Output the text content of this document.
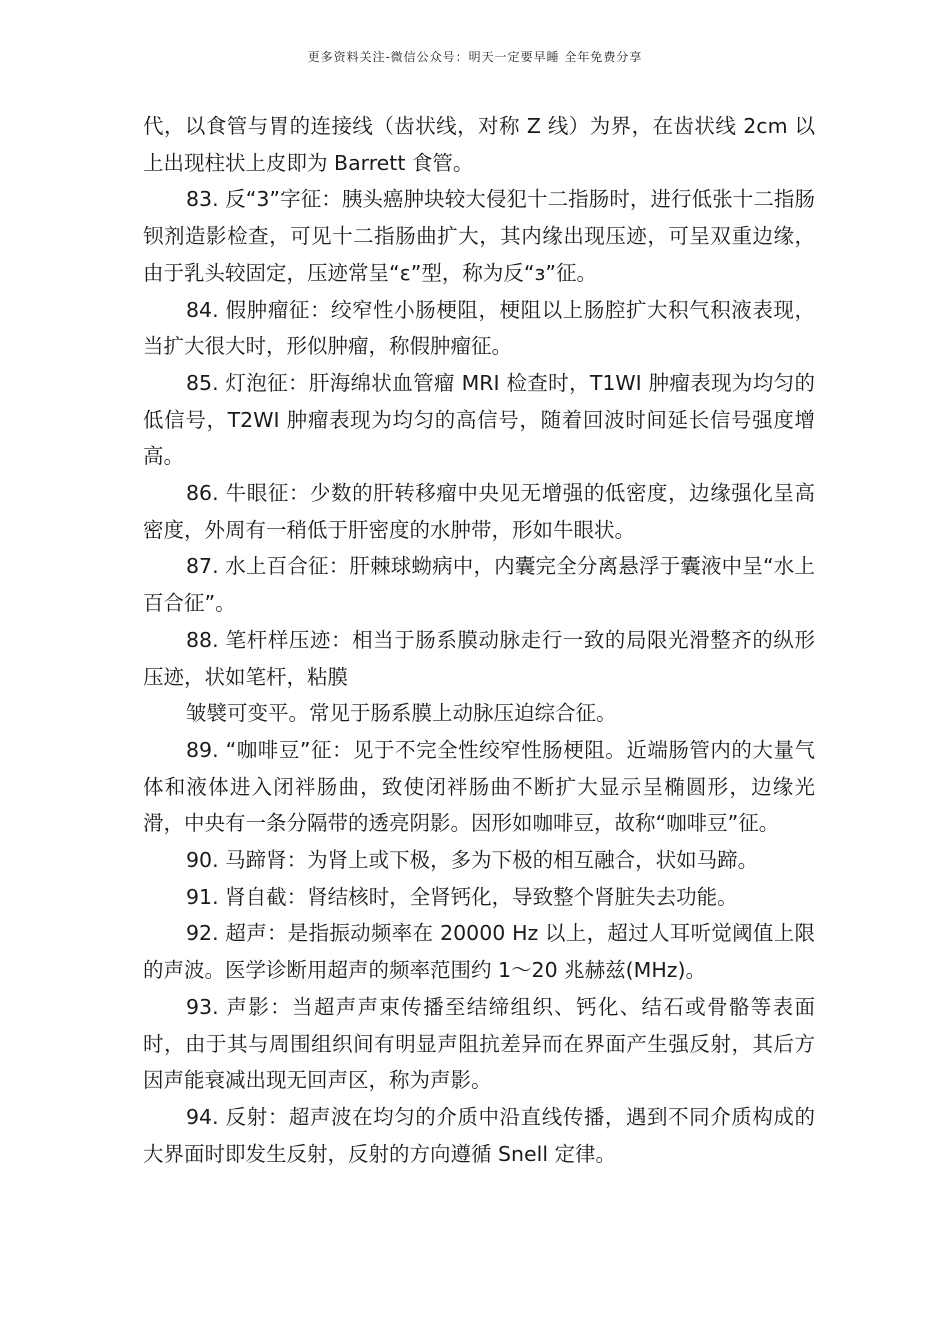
更多资料关注-微信公众号：明天一定要早睡 全年免费分享

代，以食管与胃的连接线（齿状线，对称 Z 线）为界，在齿状线 2cm 以上出现柱状上皮即为 Barrett 食管。

83. 反“3”字征：胰头癌肿块较大侵犯十二指肠时，进行低张十二指肠钡剂造影检查，可见十二指肠曲扩大，其内缘出现压迹，可呈双重边缘，由于乳头较固定，压迹常呈“ε”型，称为反“з”征。

84. 假肿瘤征：绞窄性小肠梗阻，梗阻以上肠腔扩大积气积液表现，当扩大很大时，形似肿瘤，称假肿瘤征。

85. 灯泡征：肝海绵状血管瘤 MRI 检查时，T1WI 肿瘤表现为均匀的低信号，T2WI 肿瘤表现为均匀的高信号，随着回波时间延长信号强度增高。

86. 牛眼征：少数的肝转移瘤中央见无增强的低密度，边缘强化呈高密度，外周有一稍低于肝密度的水肿带，形如牛眼状。

87. 水上百合征：肝棘球蚴病中，内囊完全分离悬浮于囊液中呈“水上百合征”。

88. 笔杆样压迹：相当于肠系膜动脉走行一致的局限光滑整齐的纵形压迹，状如笔杆，粘膜

皱襞可变平。常见于肠系膜上动脉压迫综合征。

89. “咖啡豆”征：见于不完全性绞窄性肠梗阻。近端肠管内的大量气体和液体进入闭袢肠曲，致使闭袢肠曲不断扩大显示呈椭圆形，边缘光滑，中央有一条分隔带的透亮阴影。因形如咖啡豆，故称“咖啡豆”征。

90. 马蹄肾：为肾上或下极，多为下极的相互融合，状如马蹄。

91. 肾自截：肾结核时，全肾钙化，导致整个肾脏失去功能。

92. 超声：是指振动频率在 20000 Hz 以上，超过人耳听觉阈值上限的声波。医学诊断用超声的频率范围约 1～20 兆赫兹(MHz)。

93. 声影：当超声声束传播至结缔组织、钙化、结石或骨骼等表面时，由于其与周围组织间有明显声阻抗差异而在界面产生强反射，其后方因声能衰减出现无回声区，称为声影。

94. 反射：超声波在均匀的介质中沿直线传播，遇到不同介质构成的大界面时即发生反射，反射的方向遵循 Snell 定律。
